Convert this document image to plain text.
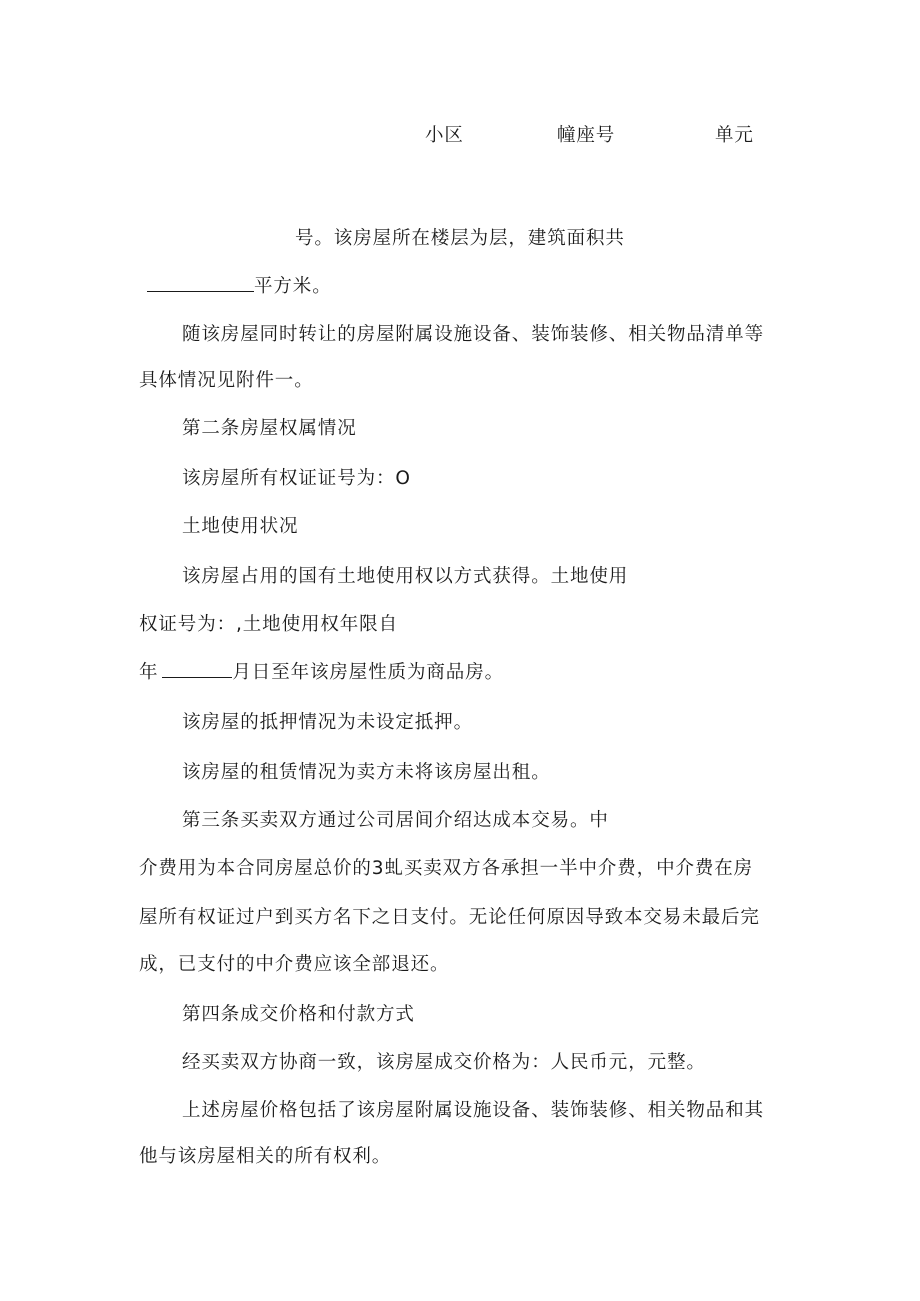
小区	幢座号	单元
号。该房屋所在楼层为层，建筑面积共
平方米。
随该房屋同时转让的房屋附属设施设备、装饰装修、相关物品清单等
具体情况见附件一。
第二条房屋权属情况
该房屋所有权证证号为：O
土地使用状况
该房屋占用的国有土地使用权以方式获得。土地使用
权证号为：,土地使用权年限自
年	月日至年该房屋性质为商品房。
该房屋的抵押情况为未设定抵押。
该房屋的租赁情况为卖方未将该房屋出租。
第三条买卖双方通过公司居间介绍达成本交易。中
介费用为本合同房屋总价的3虬买卖双方各承担一半中介费，中介费在房
屋所有权证过户到买方名下之日支付。无论任何原因导致本交易未最后完
成，已支付的中介费应该全部退还。
第四条成交价格和付款方式
经买卖双方协商一致，该房屋成交价格为：人民币元，元整。
上述房屋价格包括了该房屋附属设施设备、装饰装修、相关物品和其
他与该房屋相关的所有权利。
